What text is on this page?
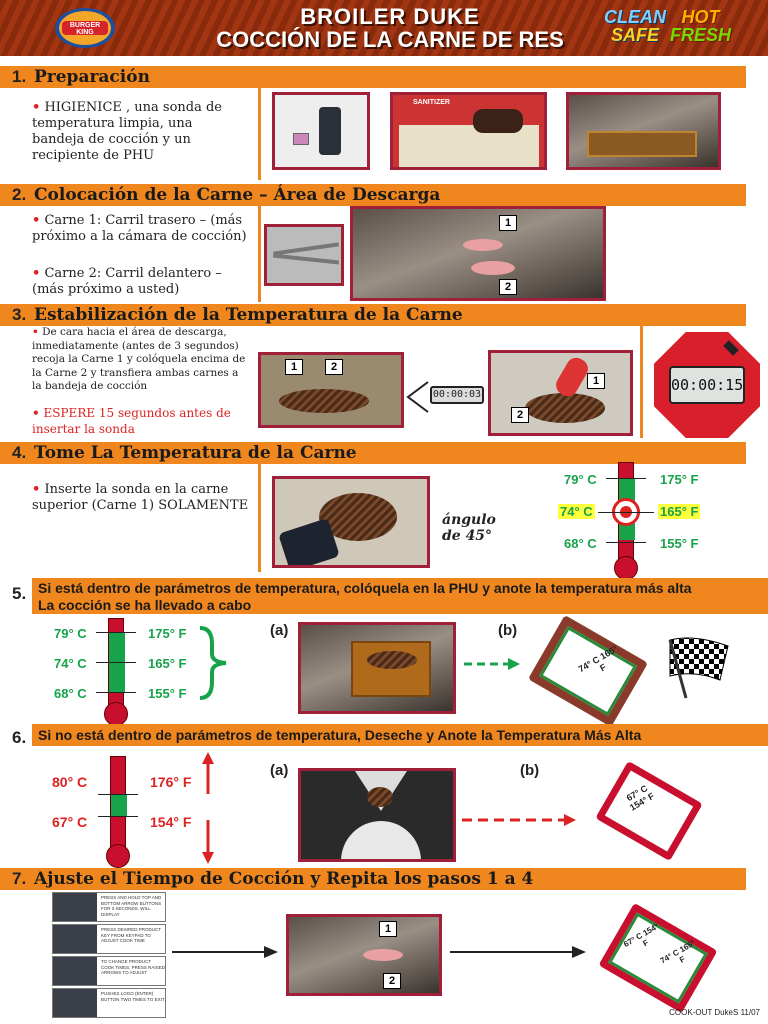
BURGER
KING
BROILER DUKE
COCCIÓN DE LA CARNE DE RES
CLEAN
SAFE
HOT
FRESH
1. Preparación
• HIGIENICE , una sonda de temperatura limpia, una bandeja de cocción y un recipiente de PHU
SANITIZER
2. Colocación de la Carne – Área de Descarga
• Carne 1: Carril trasero – (más próximo a la cámara de cocción)
• Carne 2: Carril delantero – (más próximo a usted)
1
2
3. Estabilización de la Temperatura de la Carne
• De cara hacia el área de descarga, inmediatamente (antes de 3 segundos) recoja la Carne 1 y colóquela encima de la Carne 2 y transfiera ambas carnes a la bandeja de cocción
• ESPERE 15 segundos antes de insertar la sonda
1	2
00:00:03
1
2
00:00:15
4. Tome La Temperatura de la Carne
• Inserte la sonda en la carne superior (Carne 1) SOLAMENTE
ángulo
de 45°
79° C	175° F
74° C	165° F
68° C	155° F
5. Si está dentro de parámetros de temperatura, colóquela en la PHU y anote la temperatura más alta
La cocción se ha llevado a cabo
79° C	175° F
74° C	165° F
68° C	155° F
(a)	(b)
74° C 165° F
6. Si no está dentro de parámetros de temperatura, Deseche y Anote la Temperatura Más Alta
80° C	176° F
67° C	154° F
(a)	(b)
67° C 154° F
7. Ajuste el Tiempo de Cocción y Repita los pasos 1 a 4
PRESS AND HOLD TOP AND BOTTOM ARROW BUTTONS FOR 3 SECONDS. WILL DISPLAY
PRESS DESIRED PRODUCT KEY FROM KEYPAD TO ADJUST COOK TIME
TO CHANGE PRODUCT COOK TIMES, PRESS RAISED ARROWS TO ADJUST
PUSHES LOGO (ENTER) BUTTON TWO TIMES TO EXIT
1
2
67° C 154° F	74° C 165° F
COOK-OUT DukeS 11/07
